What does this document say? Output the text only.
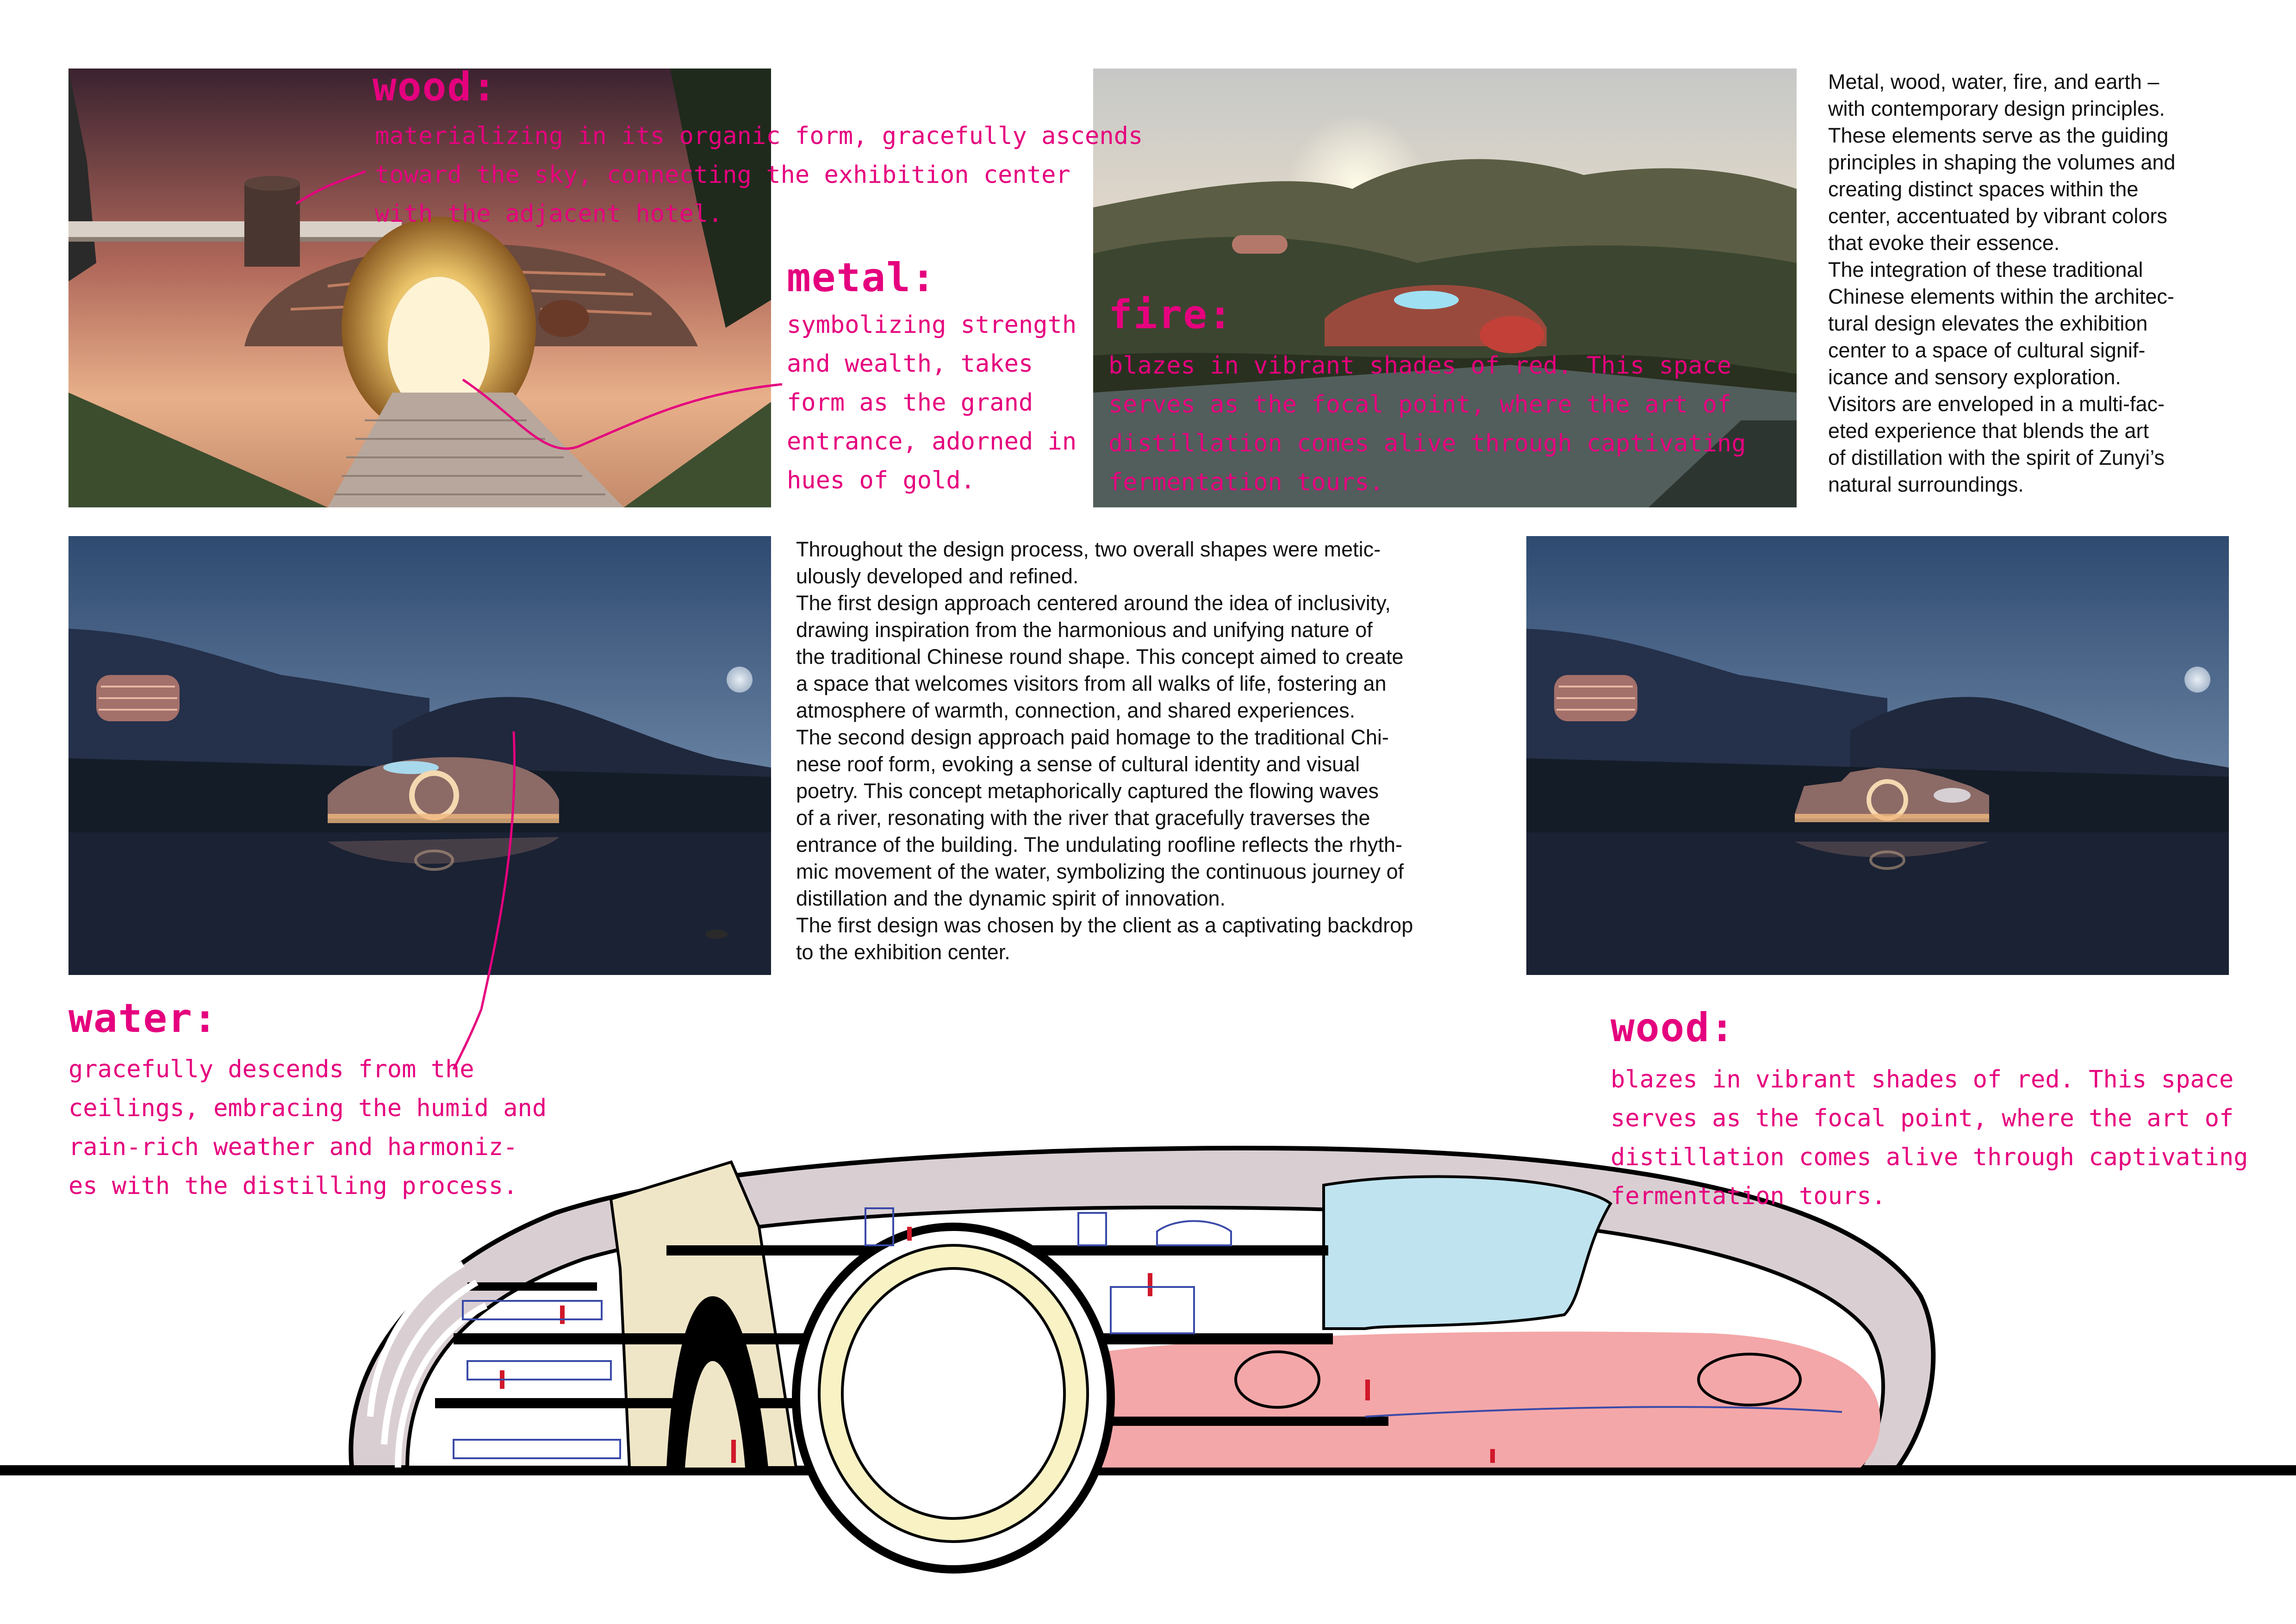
wood:
materializing in its organic form, gracefully ascends
toward the sky, connecting the exhibition center
with the adjacent hotel.
metal:
symbolizing strength
and wealth, takes
form as the grand
entrance, adorned in
hues of gold.
fire:
blazes in vibrant shades of red. This space
serves as the focal point, where the art of
distillation comes alive through captivating
fermentation tours.

Metal, wood, water, fire, and earth –

with contemporary design principles.

These elements serve as the guiding

principles in shaping the volumes and

creating distinct spaces within the

center, accentuated by vibrant colors

that evoke their essence.

The integration of these traditional

Chinese elements within the architec-

tural design elevates the exhibition

center to a space of cultural signif-

icance and sensory exploration.

Visitors are enveloped in a multi-fac-

eted experience that blends the art

of distillation with the spirit of Zunyi’s

natural surroundings.

Throughout the design process, two overall shapes were metic-

ulously developed and refined.

The first design approach centered around the idea of inclusivity,

drawing inspiration from the harmonious and unifying nature of

the traditional Chinese round shape. This concept aimed to create

a space that welcomes visitors from all walks of life, fostering an

atmosphere of warmth, connection, and shared experiences.

The second design approach paid homage to the traditional Chi-

nese roof form, evoking a sense of cultural identity and visual

poetry. This concept metaphorically captured the flowing waves

of a river, resonating with the river that gracefully traverses the

entrance of the building. The undulating roofline reflects the rhyth-

mic movement of the water, symbolizing the continuous journey of

distillation and the dynamic spirit of innovation.

The first design was chosen by the client as a captivating backdrop

to the exhibition center.

water:
gracefully descends from the
ceilings, embracing the humid and
rain-rich weather and harmoniz-
es with the distilling process.
wood:
blazes in vibrant shades of red. This space
serves as the focal point, where the art of
distillation comes alive through captivating
fermentation tours.
